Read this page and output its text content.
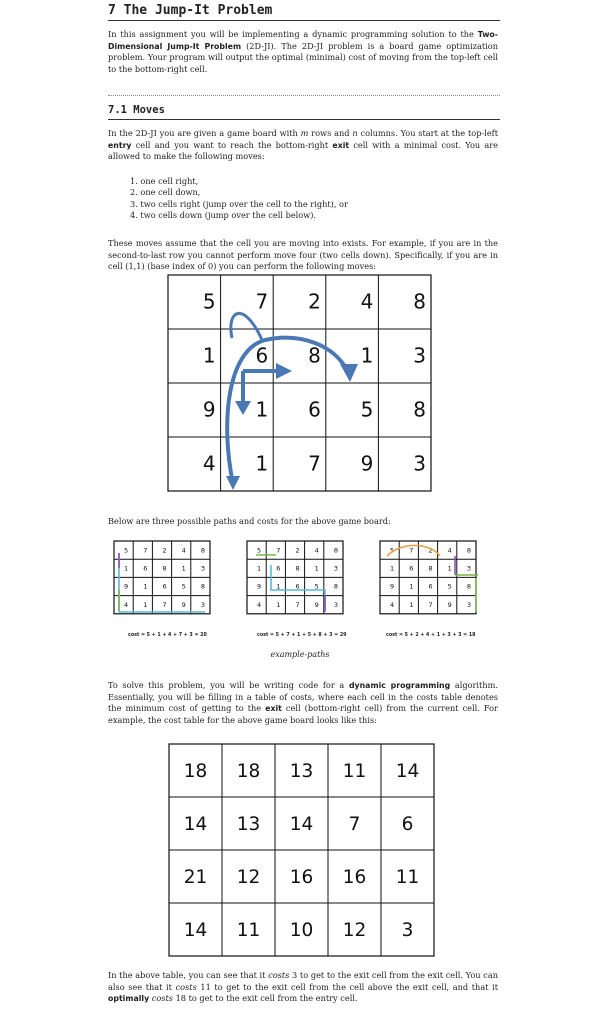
7 The Jump-It Problem

In this assignment you will be implementing a dynamic programming solution to the Two-Dimensional Jump-It Problem (2D-JI). The 2D-JI problem is a board game optimization problem. Your program will output the optimal (minimal) cost of moving from the top-left cell to the bottom-right cell.

7.1 Moves

In the 2D-JI you are given a game board with m rows and n columns. You start at the top-left entry cell and you want to reach the bottom-right exit cell with a minimal cost. You are allowed to make the following moves:

1. one cell right,
2. one cell down,
3. two cells right (jump over the cell to the right), or
4. two cells down (jump over the cell below).

These moves assume that the cell you are moving into exists. For example, if you are in the second-to-last row you cannot perform move four (two cells down). Specifically, if you are in cell (1,1) (base index of 0) you can perform the following moves:

5 7 2 4 8
1 6 8 1 3
9 1 6 5 8
4 1 7 9 3

Below are three possible paths and costs for the above game board:

5 7 2 4 8
1 6 8 1 3
9 1 6 5 8
4 1 7 9 3
5 7 2 4 8
1 6 8 1 3
9 1 6 5 8
4 1 7 9 3
5 7 2 4 8
1 6 8 1 3
9 1 6 5 8
4 1 7 9 3
cost = 5 + 1 + 4 + 7 + 3 = 20	cost = 5 + 7 + 1 + 5 + 8 + 3 = 29	cost = 5 + 2 + 4 + 1 + 3 + 3 = 18
example-paths

To solve this problem, you will be writing code for a dynamic programming algorithm. Essentially, you will be filling in a table of costs, where each cell in the costs table denotes the minimum cost of getting to the exit cell (bottom-right cell) from the current cell. For example, the cost table for the above game board looks like this:

18 18 13 11 14
14 13 14 7 6
21 12 16 16 11
14 11 10 12 3

In the above table, you can see that it costs 3 to get to the exit cell from the exit cell. You can also see that it costs 11 to get to the exit cell from the cell above the exit cell, and that it optimally costs 18 to get to the exit cell from the entry cell.
